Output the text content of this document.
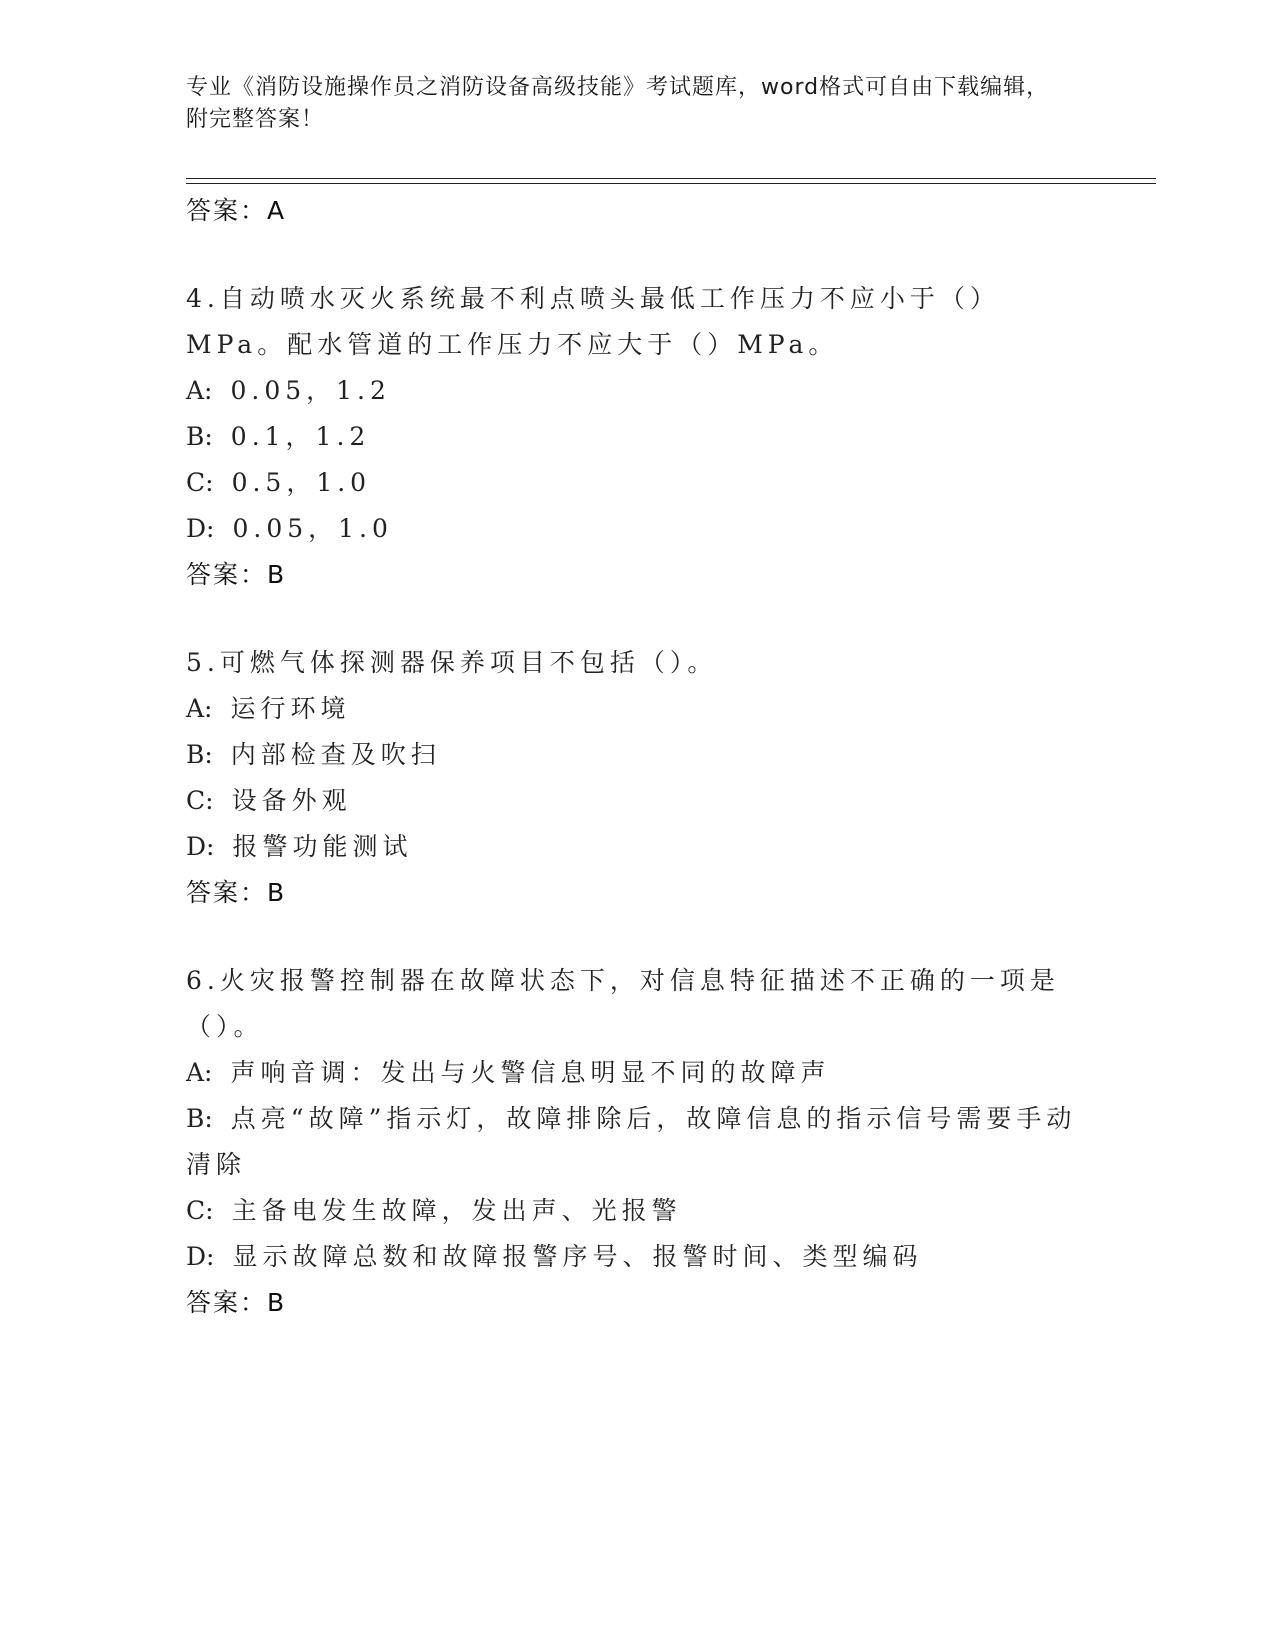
专业《消防设施操作员之消防设备高级技能》考试题库，word格式可自由下载编辑，附完整答案！
答案：A
4.自动喷水灭火系统最不利点喷头最低工作压力不应小于（）MPa。配水管道的工作压力不应大于（）MPa。
A: 0.05，1.2
B: 0.1，1.2
C: 0.5，1.0
D: 0.05，1.0
答案：B
5.可燃气体探测器保养项目不包括（）。
A: 运行环境
B: 内部检查及吹扫
C: 设备外观
D: 报警功能测试
答案：B
6.火灾报警控制器在故障状态下，对信息特征描述不正确的一项是（）。
A: 声响音调：发出与火警信息明显不同的故障声
B: 点亮“故障”指示灯，故障排除后，故障信息的指示信号需要手动清除
C: 主备电发生故障，发出声、光报警
D: 显示故障总数和故障报警序号、报警时间、类型编码
答案：B
